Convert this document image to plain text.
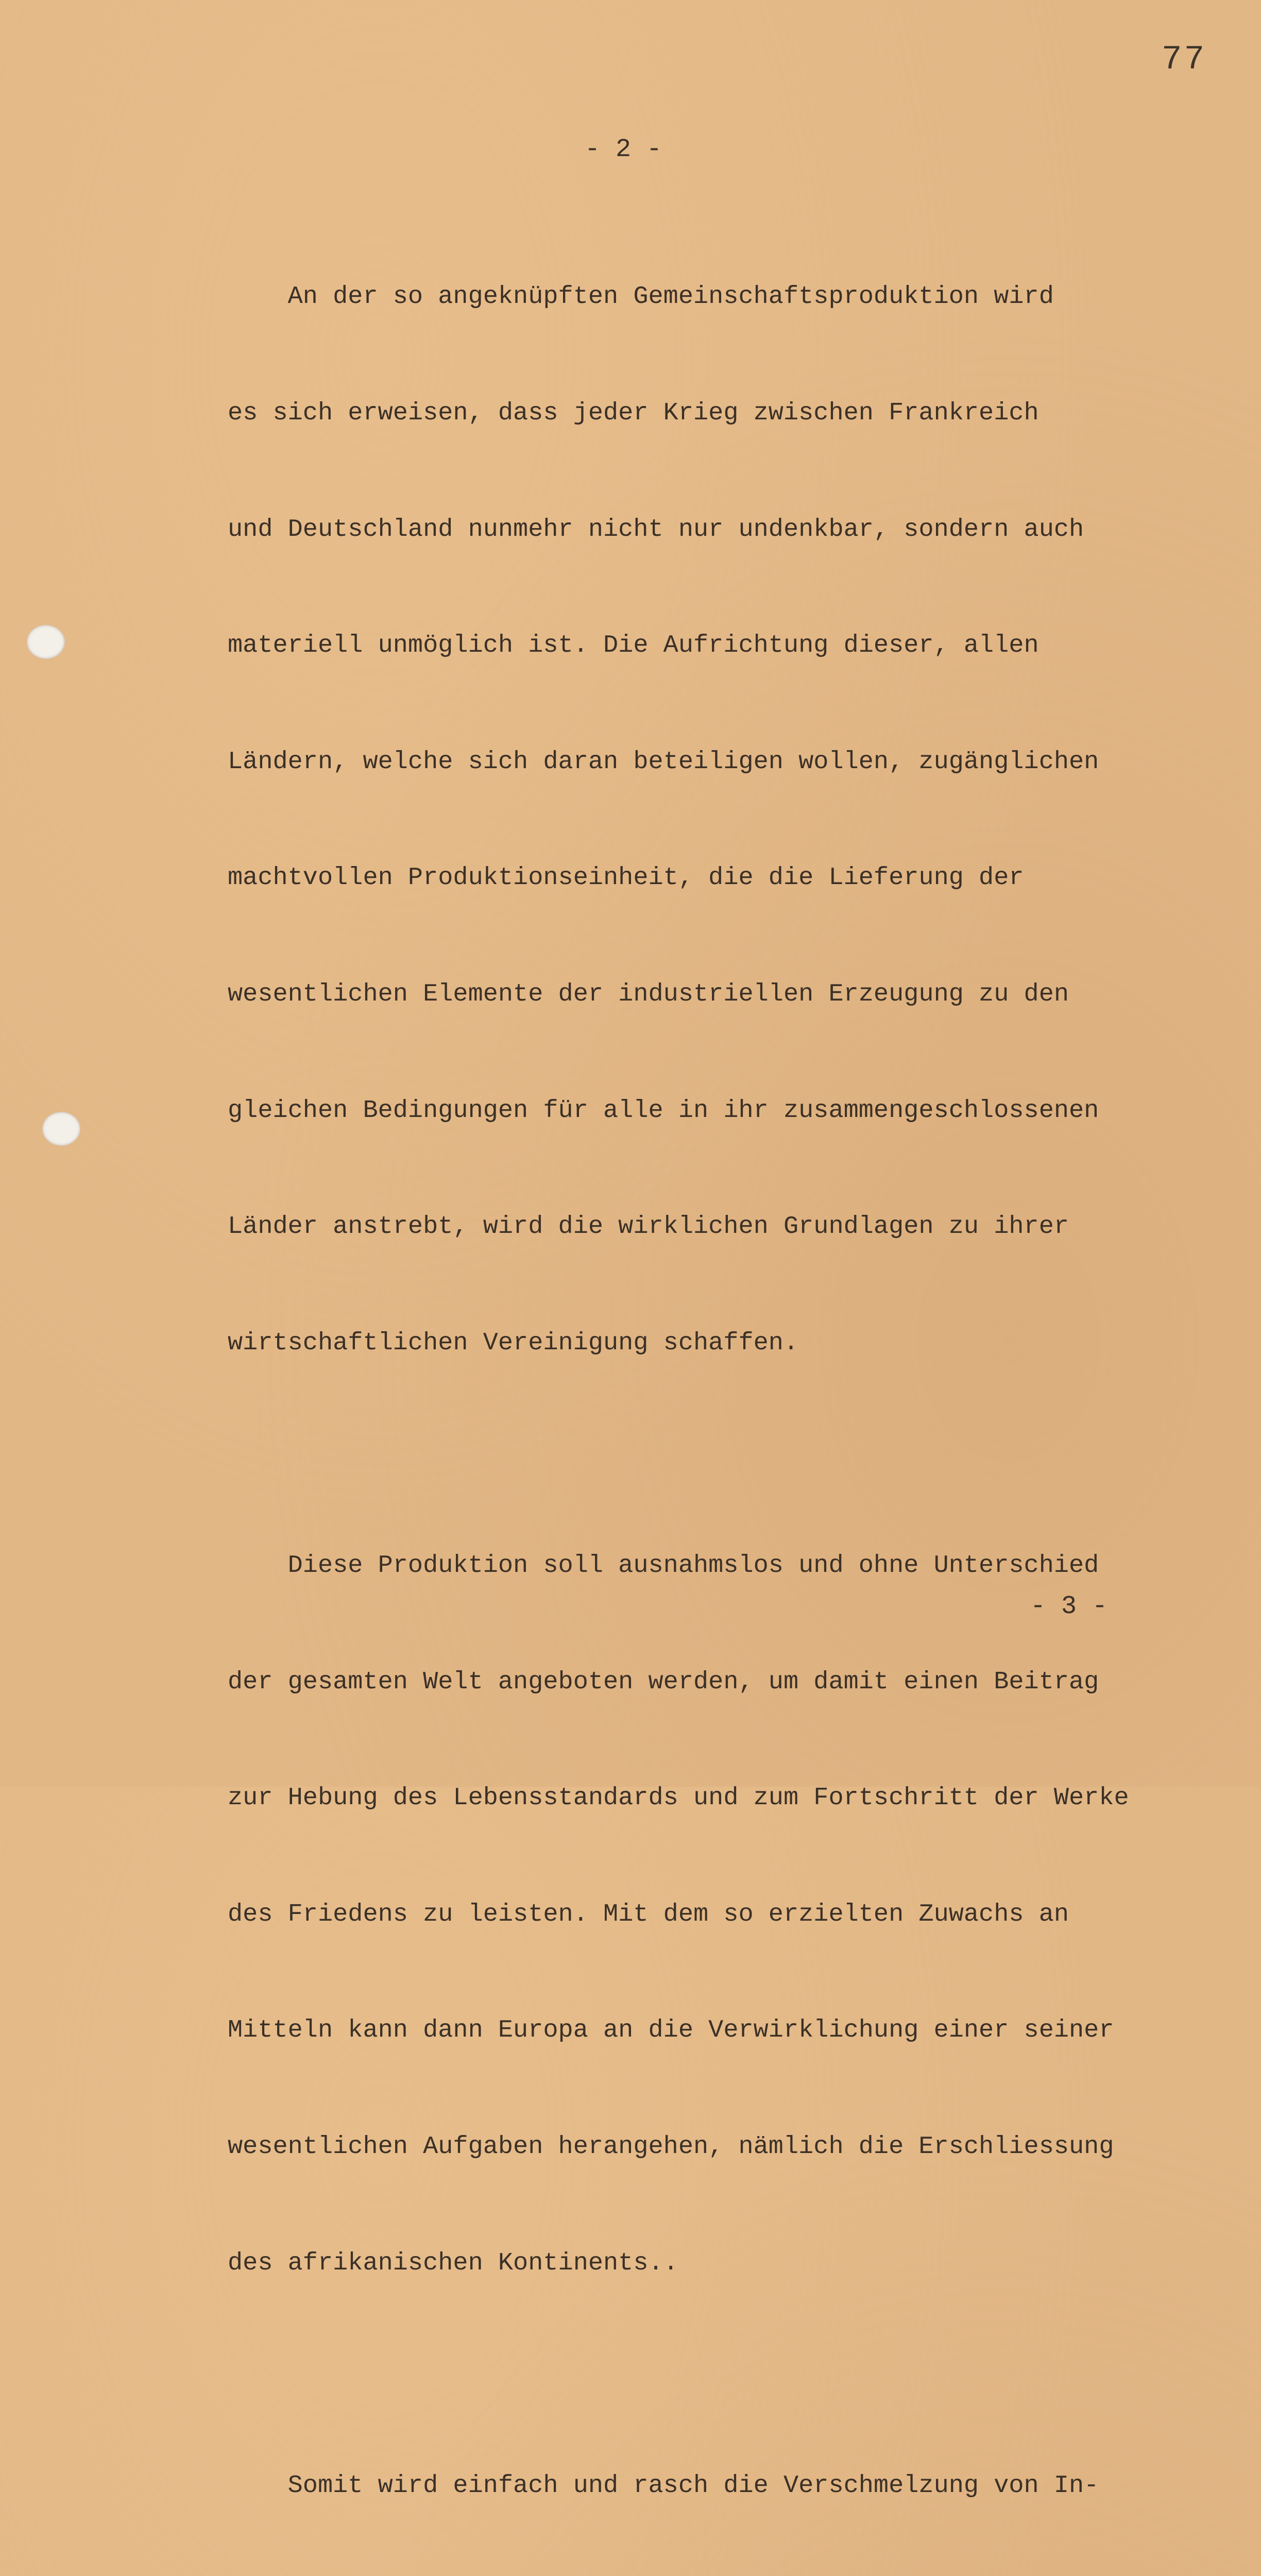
77
- 2 -

An der so angeknüpften Gemeinschaftsproduktion wird

es sich erweisen, dass jeder Krieg zwischen Frankreich

und Deutschland nunmehr nicht nur undenkbar, sondern auch

materiell unmöglich ist. Die Aufrichtung dieser, allen

Ländern, welche sich daran beteiligen wollen, zugänglichen

machtvollen Produktionseinheit, die die Lieferung der

wesentlichen Elemente der industriellen Erzeugung zu den

gleichen Bedingungen für alle in ihr zusammengeschlossenen

Länder anstrebt, wird die wirklichen Grundlagen zu ihrer

wirtschaftlichen Vereinigung schaffen.

Diese Produktion soll ausnahmslos und ohne Unterschied

der gesamten Welt angeboten werden, um damit einen Beitrag

zur Hebung des Lebensstandards und zum Fortschritt der Werke

des Friedens zu leisten. Mit dem so erzielten Zuwachs an

Mitteln kann dann Europa an die Verwirklichung einer seiner

wesentlichen Aufgaben herangehen, nämlich die Erschliessung

des afrikanischen Kontinents..

Somit wird einfach und rasch die Verschmelzung von In-

- 3 -
